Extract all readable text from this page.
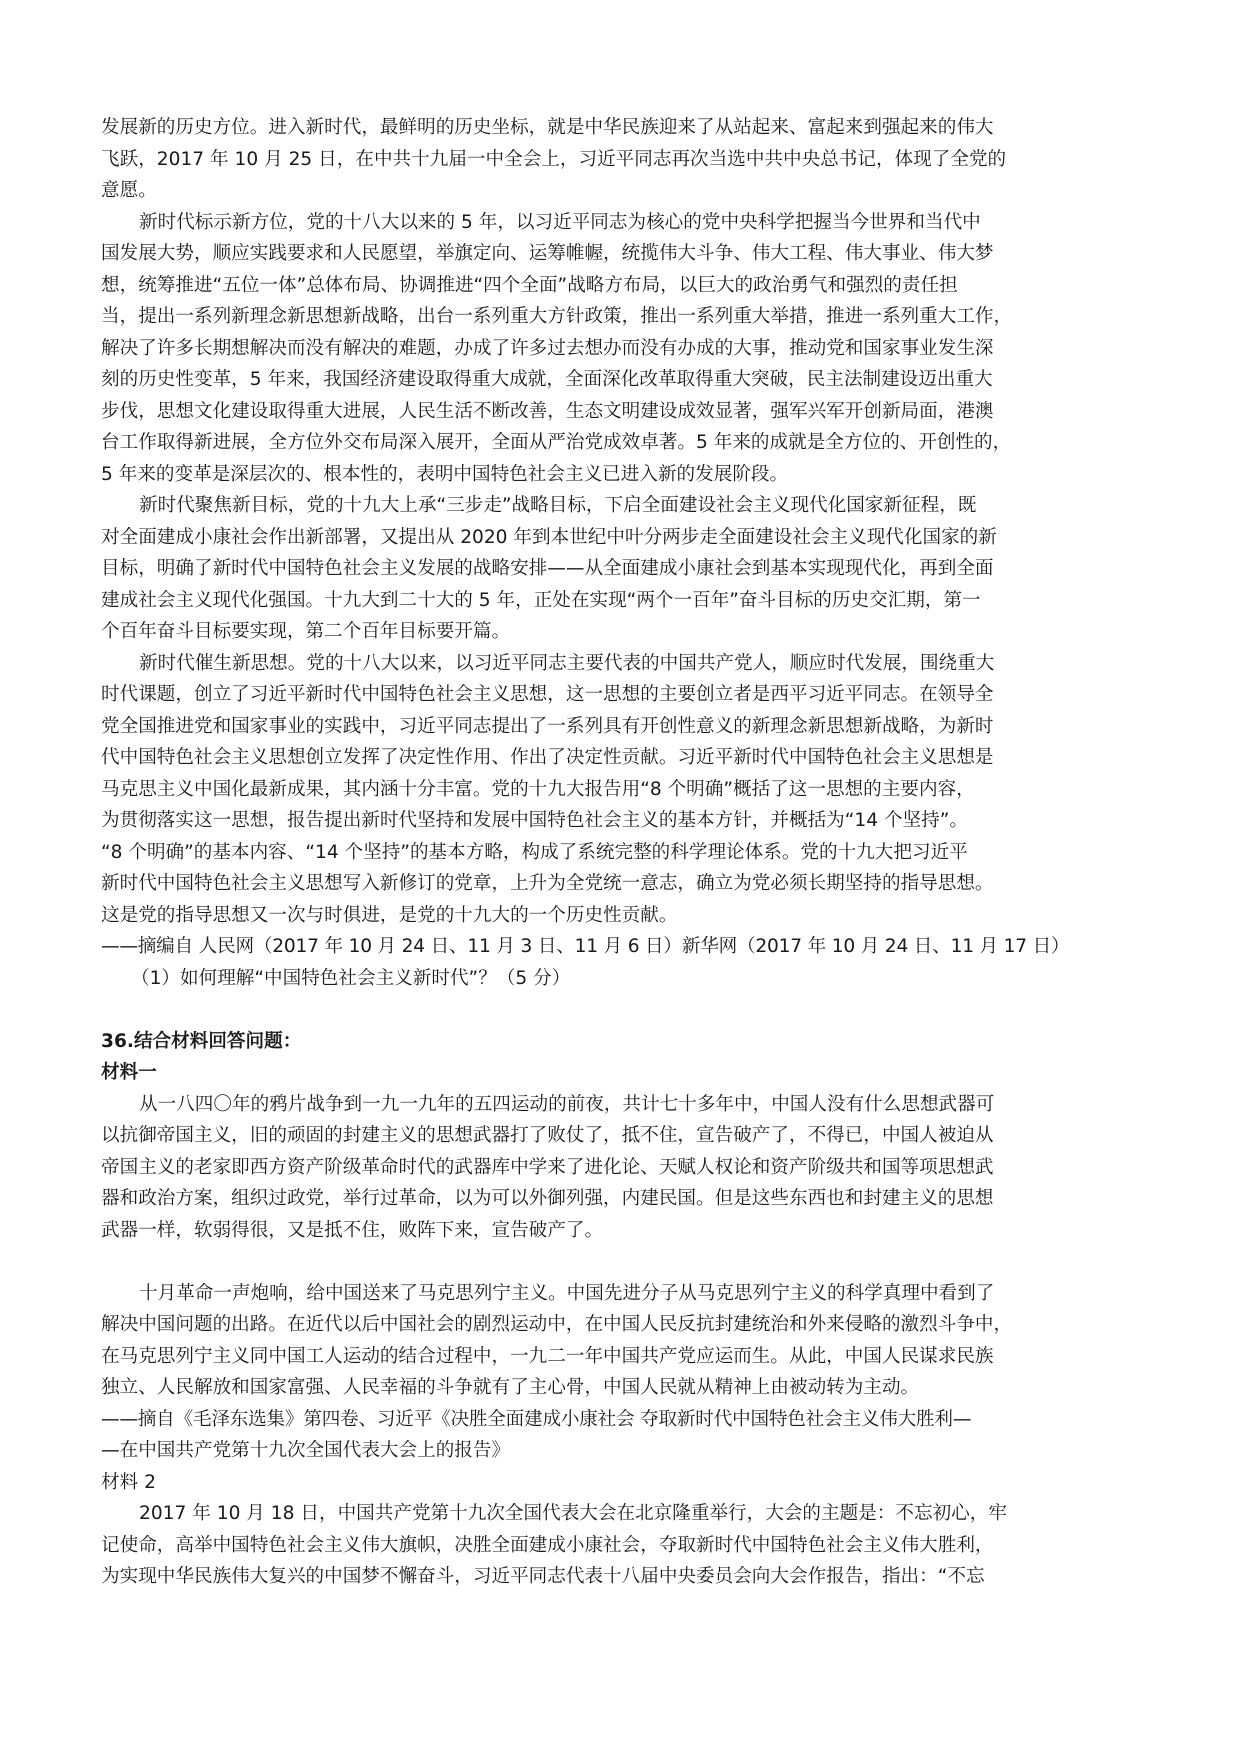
发展新的历史方位。进入新时代，最鲜明的历史坐标，就是中华民族迎来了从站起来、富起来到强起来的伟大
飞跃，2017 年 10 月 25 日，在中共十九届一中全会上，习近平同志再次当选中共中央总书记，体现了全党的
意愿。
新时代标示新方位，党的十八大以来的 5 年，以习近平同志为核心的党中央科学把握当今世界和当代中
国发展大势，顺应实践要求和人民愿望，举旗定向、运筹帷幄，统揽伟大斗争、伟大工程、伟大事业、伟大梦
想，统筹推进“五位一体”总体布局、协调推进“四个全面”战略方布局，以巨大的政治勇气和强烈的责任担
当，提出一系列新理念新思想新战略，出台一系列重大方针政策，推出一系列重大举措，推进一系列重大工作，
解决了许多长期想解决而没有解决的难题，办成了许多过去想办而没有办成的大事，推动党和国家事业发生深
刻的历史性变革，5 年来，我国经济建设取得重大成就，全面深化改革取得重大突破，民主法制建设迈出重大
步伐，思想文化建设取得重大进展，人民生活不断改善，生态文明建设成效显著，强军兴军开创新局面，港澳
台工作取得新进展，全方位外交布局深入展开，全面从严治党成效卓著。5 年来的成就是全方位的、开创性的，
5 年来的变革是深层次的、根本性的，表明中国特色社会主义已进入新的发展阶段。
新时代聚焦新目标，党的十九大上承“三步走”战略目标，下启全面建设社会主义现代化国家新征程，既
对全面建成小康社会作出新部署，又提出从 2020 年到本世纪中叶分两步走全面建设社会主义现代化国家的新
目标，明确了新时代中国特色社会主义发展的战略安排——从全面建成小康社会到基本实现现代化，再到全面
建成社会主义现代化强国。十九大到二十大的 5 年，正处在实现“两个一百年”奋斗目标的历史交汇期，第一
个百年奋斗目标要实现，第二个百年目标要开篇。
新时代催生新思想。党的十八大以来，以习近平同志主要代表的中国共产党人，顺应时代发展，围绕重大
时代课题，创立了习近平新时代中国特色社会主义思想，这一思想的主要创立者是西平习近平同志。在领导全
党全国推进党和国家事业的实践中，习近平同志提出了一系列具有开创性意义的新理念新思想新战略，为新时
代中国特色社会主义思想创立发挥了决定性作用、作出了决定性贡献。习近平新时代中国特色社会主义思想是
马克思主义中国化最新成果，其内涵十分丰富。党的十九大报告用“8 个明确”概括了这一思想的主要内容，
为贯彻落实这一思想，报告提出新时代坚持和发展中国特色社会主义的基本方针，并概括为“14 个坚持”。
“8 个明确”的基本内容、“14 个坚持”的基本方略，构成了系统完整的科学理论体系。党的十九大把习近平
新时代中国特色社会主义思想写入新修订的党章，上升为全党统一意志，确立为党必须长期坚持的指导思想。
这是党的指导思想又一次与时俱进，是党的十九大的一个历史性贡献。
——摘编自 人民网（2017 年 10 月 24 日、11 月 3 日、11 月 6 日）新华网（2017 年 10 月 24 日、11 月 17 日）
（1）如何理解“中国特色社会主义新时代”？（5 分）
36.结合材料回答问题：
材料一
从一八四〇年的鸦片战争到一九一九年的五四运动的前夜，共计七十多年中，中国人没有什么思想武器可
以抗御帝国主义，旧的顽固的封建主义的思想武器打了败仗了，抵不住，宣告破产了，不得已，中国人被迫从
帝国主义的老家即西方资产阶级革命时代的武器库中学来了进化论、天赋人权论和资产阶级共和国等项思想武
器和政治方案，组织过政党，举行过革命，以为可以外御列强，内建民国。但是这些东西也和封建主义的思想
武器一样，软弱得很，又是抵不住，败阵下来，宣告破产了。
十月革命一声炮响，给中国送来了马克思列宁主义。中国先进分子从马克思列宁主义的科学真理中看到了
解决中国问题的出路。在近代以后中国社会的剧烈运动中，在中国人民反抗封建统治和外来侵略的激烈斗争中，
在马克思列宁主义同中国工人运动的结合过程中，一九二一年中国共产党应运而生。从此，中国人民谋求民族
独立、人民解放和国家富强、人民幸福的斗争就有了主心骨，中国人民就从精神上由被动转为主动。
——摘自《毛泽东选集》第四卷、习近平《决胜全面建成小康社会 夺取新时代中国特色社会主义伟大胜利—
—在中国共产党第十九次全国代表大会上的报告》
材料 2
2017 年 10 月 18 日，中国共产党第十九次全国代表大会在北京隆重举行，大会的主题是：不忘初心，牢
记使命，高举中国特色社会主义伟大旗帜，决胜全面建成小康社会，夺取新时代中国特色社会主义伟大胜利，
为实现中华民族伟大复兴的中国梦不懈奋斗，习近平同志代表十八届中央委员会向大会作报告，指出：“不忘
